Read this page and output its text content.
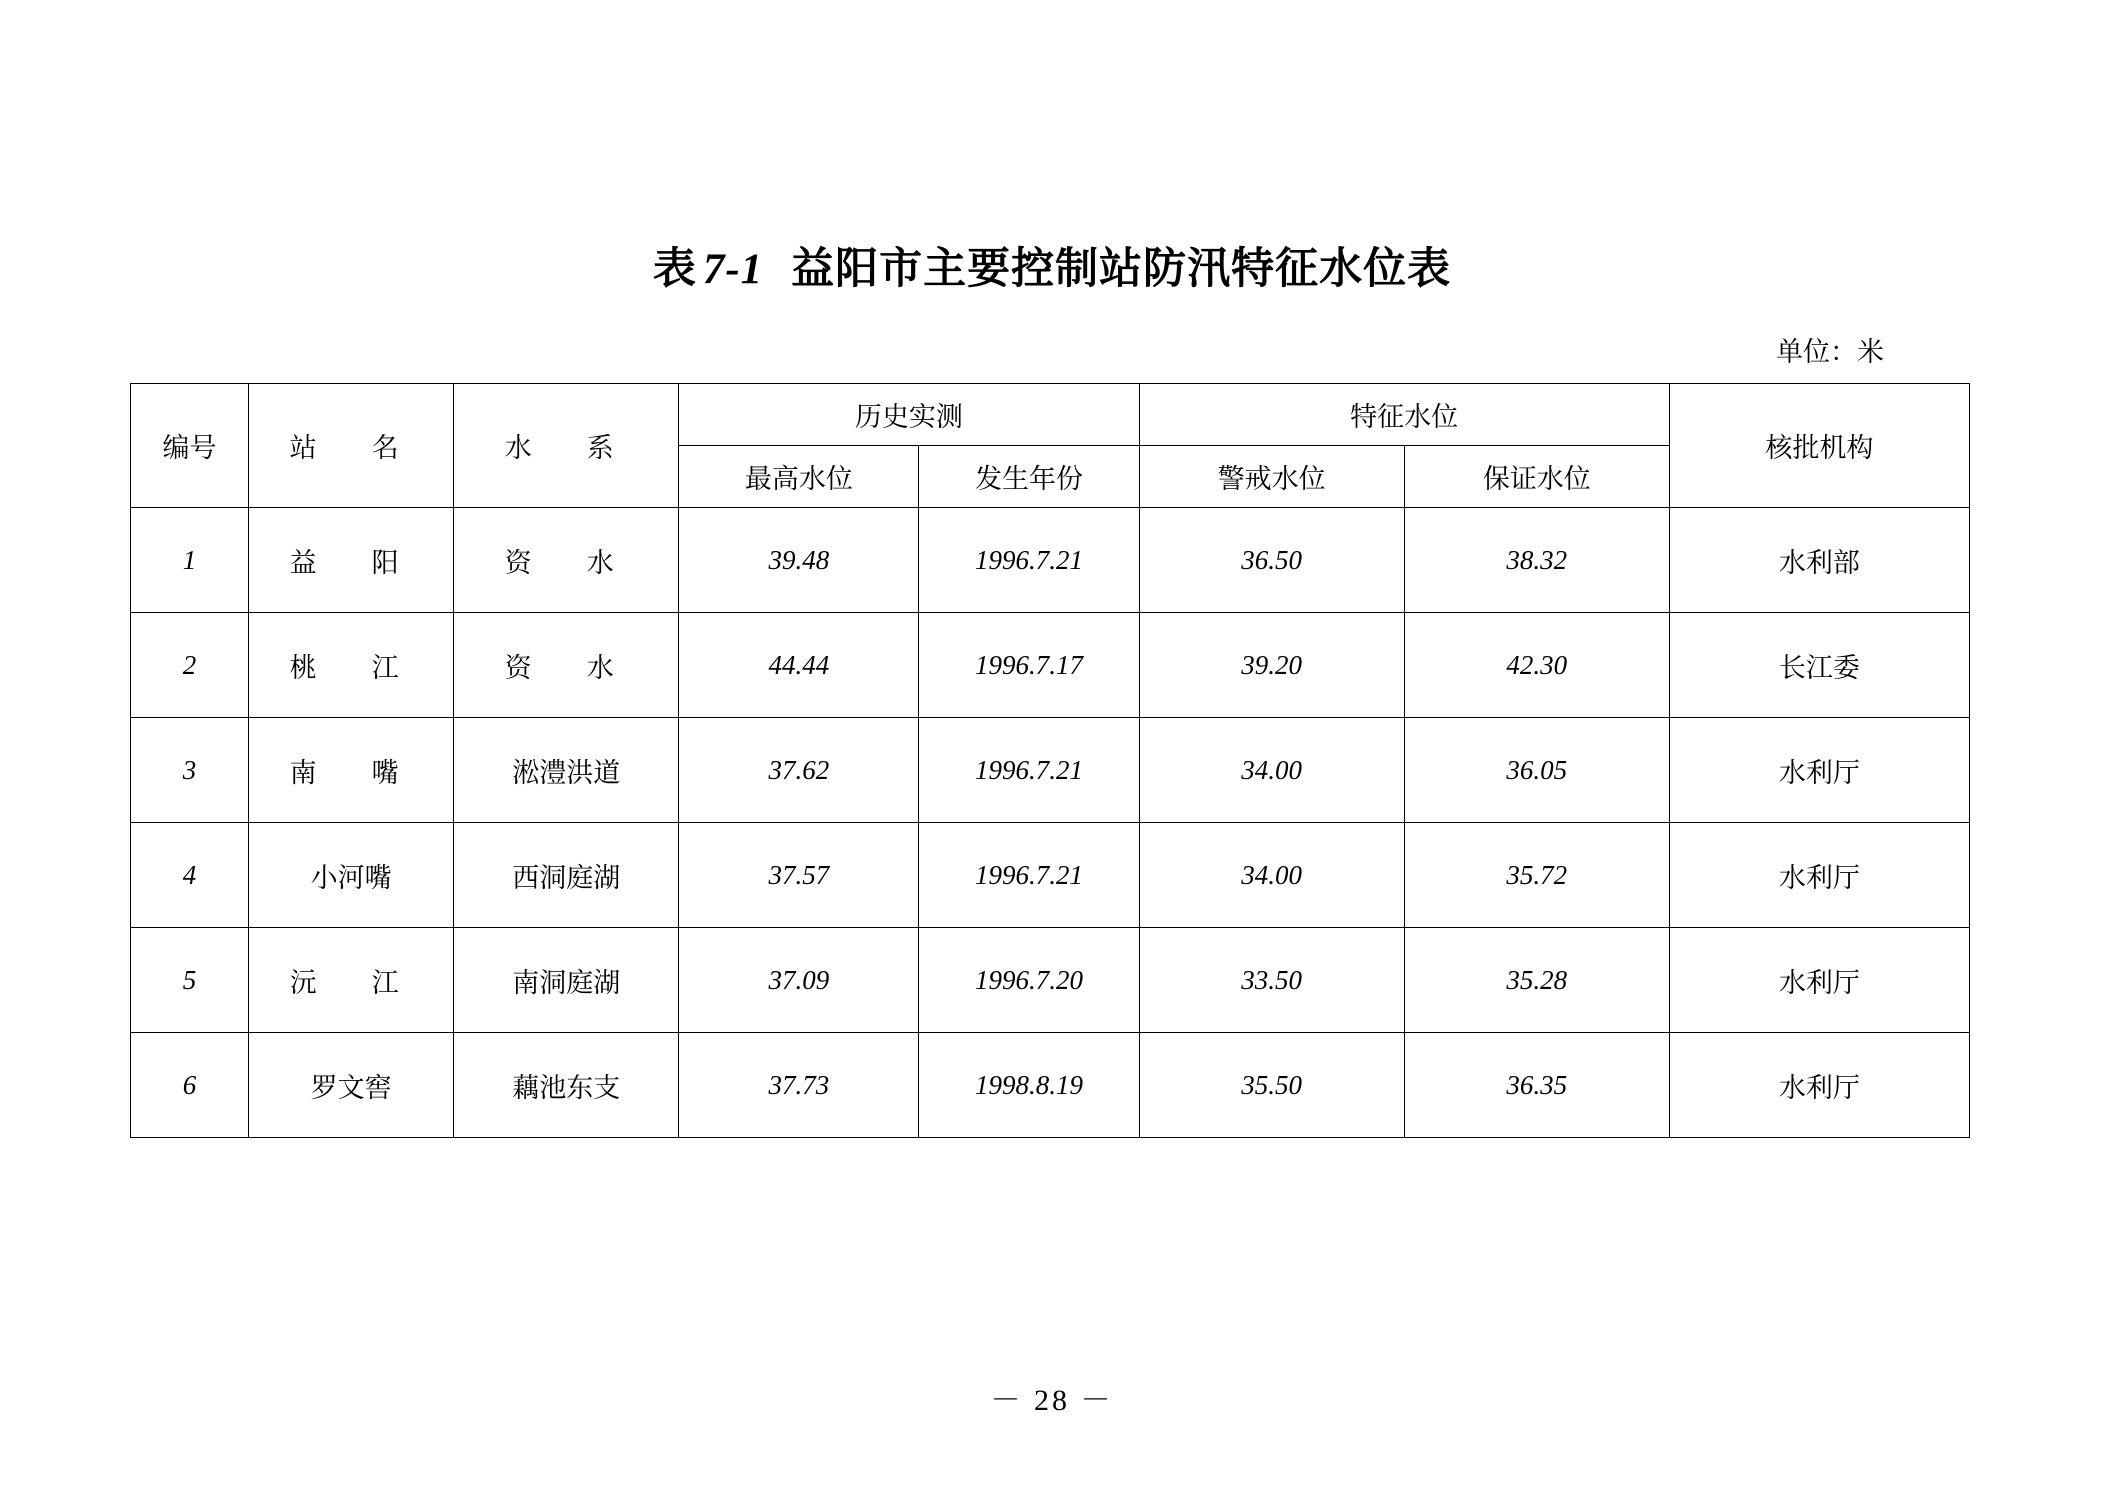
表 7-1 益阳市主要控制站防汛特征水位表
单位：米
编号	站　名	水　系	历史实测		特征水位		核批机构
			最高水位	发生年份	警戒水位	保证水位	
1	益　阳	资　水	39.48	1996.7.21	36.50	38.32	水利部
2	桃　江	资　水	44.44	1996.7.17	39.20	42.30	长江委
3	南　嘴	淞澧洪道	37.62	1996.7.21	34.00	36.05	水利厅
4	小河嘴	西洞庭湖	37.57	1996.7.21	34.00	35.72	水利厅
5	沅　江	南洞庭湖	37.09	1996.7.20	33.50	35.28	水利厅
6	罗文窖	藕池东支	37.73	1998.8.19	35.50	36.35	水利厅
－ 28 －
